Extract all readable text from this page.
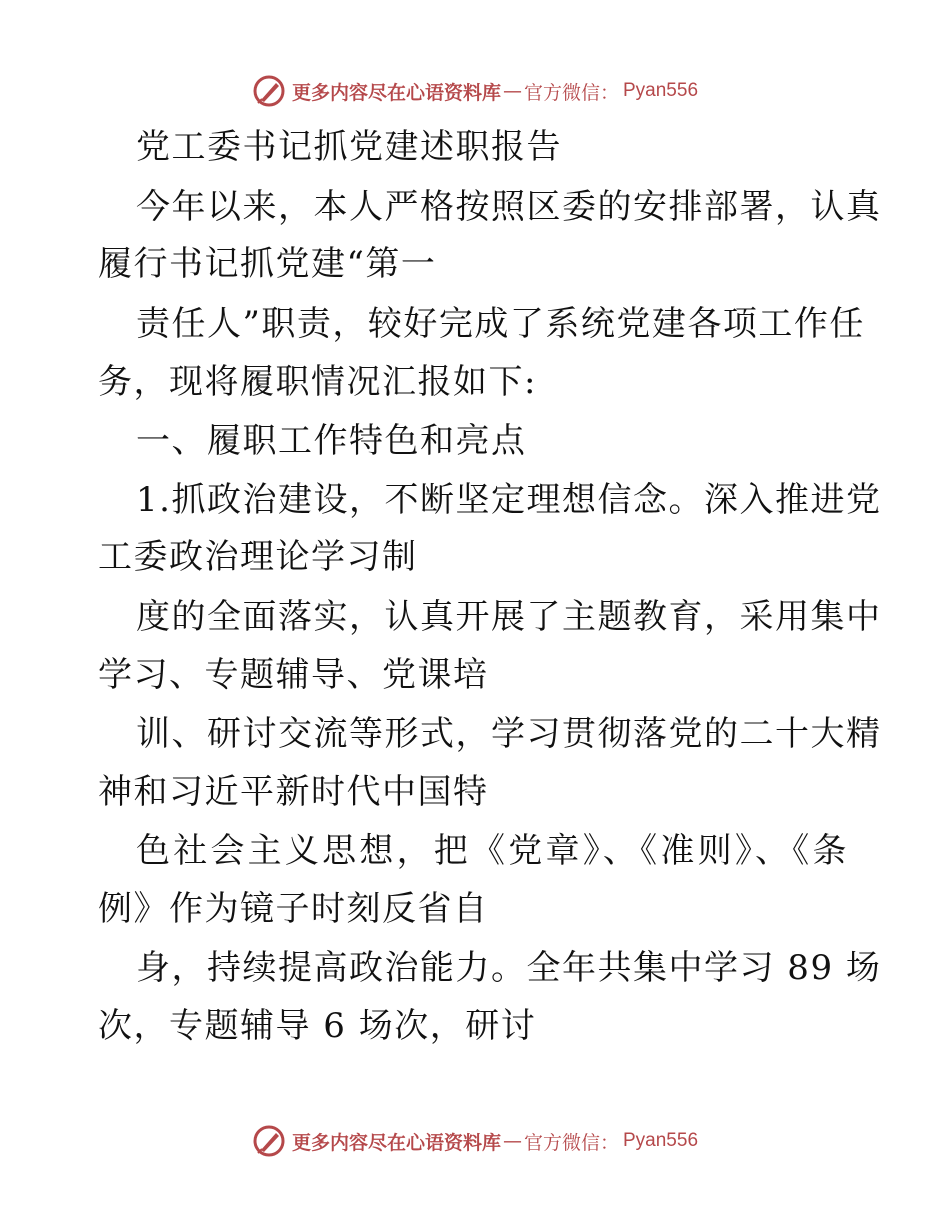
更多内容尽在心语资料库 — 官方微信： Pyan556
党工委书记抓党建述职报告
今年以来，本人严格按照区委的安排部署，认真
履行书记抓党建“第一
责任人”职责，较好完成了系统党建各项工作任
务，现将履职情况汇报如下:
一、履职工作特色和亮点
1.抓政治建设，不断坚定理想信念。深入推进党
工委政治理论学习制
度的全面落实，认真开展了主题教育，采用集中
学习、专题辅导、党课培
训、研讨交流等形式，学习贯彻落党的二十大精
神和习近平新时代中国特
色社会主义思想，把《党章》、《准则》、《条
例》作为镜子时刻反省自
身，持续提高政治能力。全年共集中学习 89 场
次，专题辅导 6 场次，研讨
更多内容尽在心语资料库 — 官方微信： Pyan556
